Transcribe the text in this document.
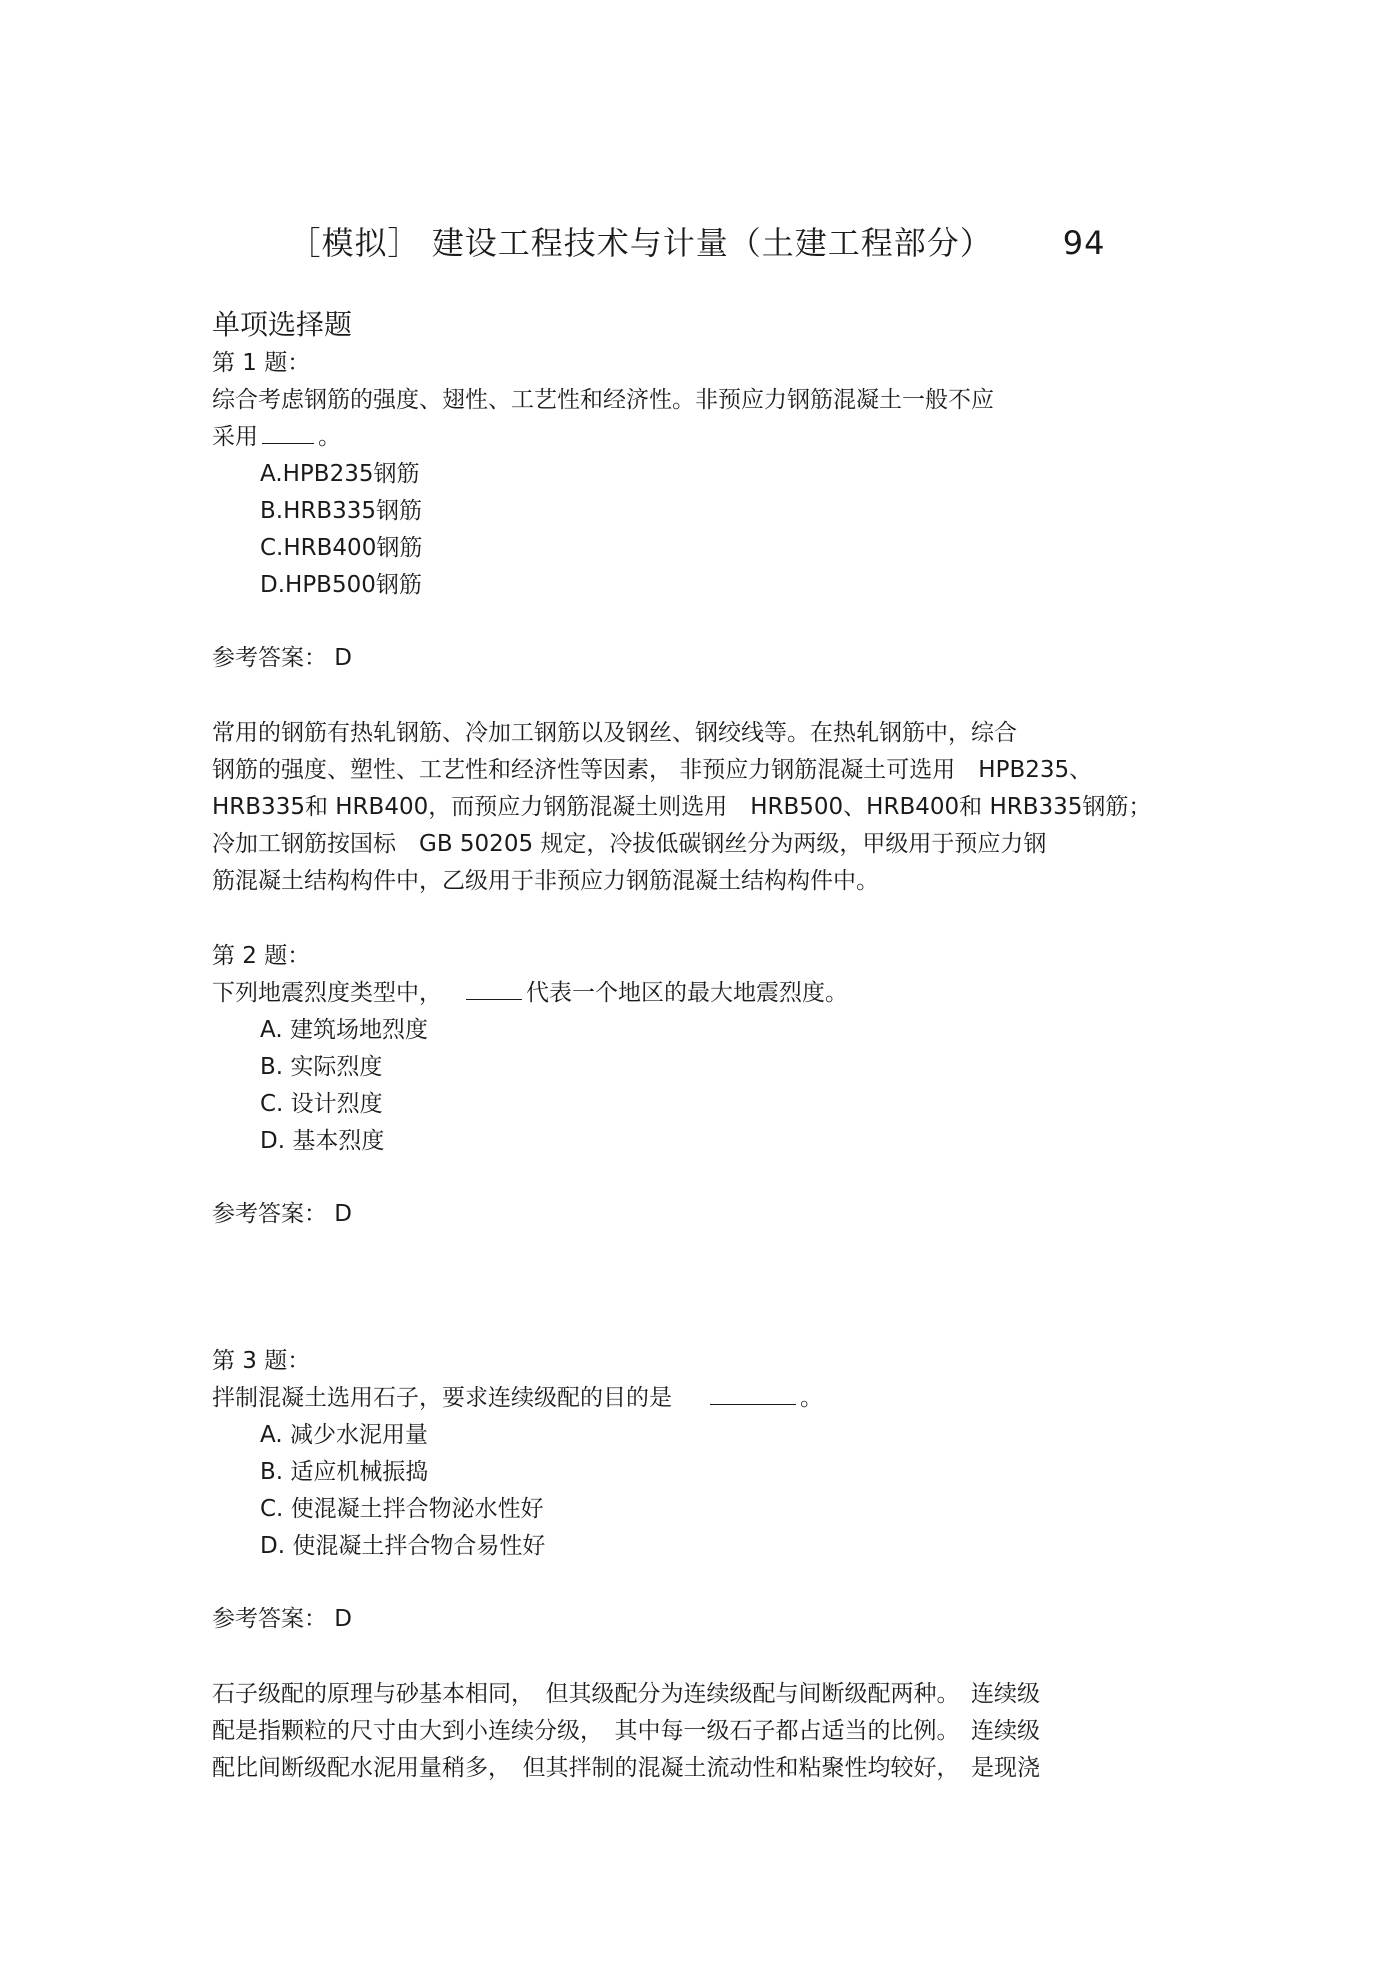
［模拟］ 建设工程技术与计量（土建工程部分） 94
单项选择题

第 1 题：

综合考虑钢筋的强度、翅性、工艺性和经济性。非预应力钢筋混凝土一般不应

采用	。

A.HPB235钢筋
B.HRB335钢筋
C.HRB400钢筋
D.HPB500钢筋

参考答案： D

常用的钢筋有热轧钢筋、冷加工钢筋以及钢丝、钢绞线等。在热轧钢筋中，综合

钢筋的强度、塑性、工艺性和经济性等因素， 非预应力钢筋混凝土可选用　HPB235、

HRB335和 HRB400，而预应力钢筋混凝土则选用　HRB500、HRB400和 HRB335钢筋；

冷加工钢筋按国标　GB 50205 规定，冷拔低碳钢丝分为两级，甲级用于预应力钢

筋混凝土结构构件中，乙级用于非预应力钢筋混凝土结构构件中。

第 2 题：

下列地震烈度类型中，	代表一个地区的最大地震烈度。

A. 建筑场地烈度
B. 实际烈度
C. 设计烈度
D. 基本烈度

参考答案： D

第 3 题：

拌制混凝土选用石子，要求连续级配的目的是	。

A. 减少水泥用量
B. 适应机械振捣
C. 使混凝土拌合物泌水性好
D. 使混凝土拌合物合易性好

参考答案： D

石子级配的原理与砂基本相同，　但其级配分为连续级配与间断级配两种。　连续级

配是指颗粒的尺寸由大到小连续分级，　其中每一级石子都占适当的比例。　连续级

配比间断级配水泥用量稍多，　但其拌制的混凝土流动性和粘聚性均较好，　是现浇
